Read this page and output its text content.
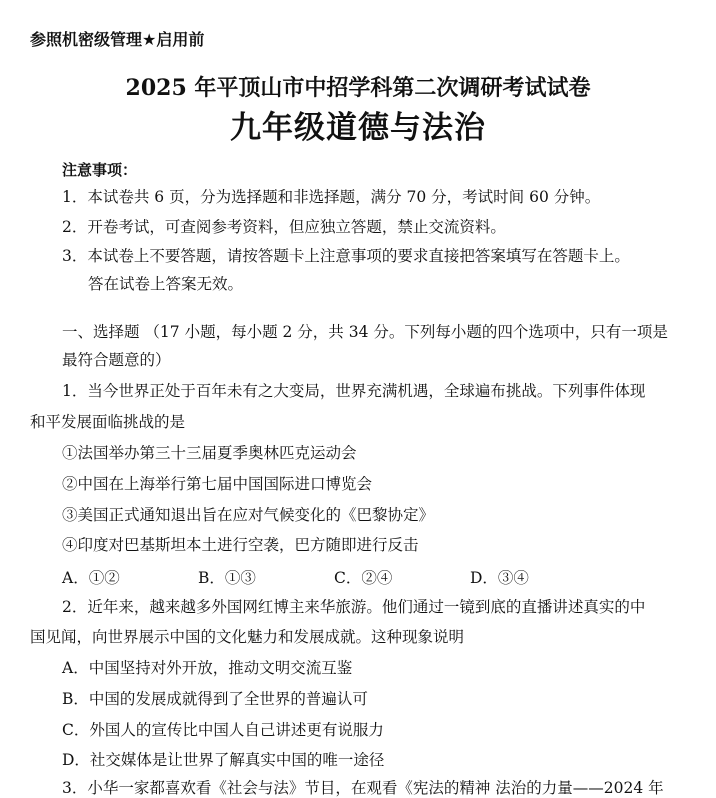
参照机密级管理★启用前
2025 年平顶山市中招学科第二次调研考试试卷
九年级道德与法治
注意事项：
1．本试卷共 6 页，分为选择题和非选择题，满分 70 分，考试时间 60 分钟。
2．开卷考试，可查阅参考资料，但应独立答题，禁止交流资料。
3．本试卷上不要答题，请按答题卡上注意事项的要求直接把答案填写在答题卡上。
答在试卷上答案无效。
一、选择题 （17 小题，每小题 2 分，共 34 分。下列每小题的四个选项中，只有一项是
最符合题意的）
1．当今世界正处于百年未有之大变局，世界充满机遇，全球遍布挑战。下列事件体现
和平发展面临挑战的是
①法国举办第三十三届夏季奥林匹克运动会
②中国在上海举行第七届中国国际进口博览会
③美国正式通知退出旨在应对气候变化的《巴黎协定》
④印度对巴基斯坦本土进行空袭，巴方随即进行反击
A．①②	B．①③	C．②④	D．③④
2．近年来，越来越多外国网红博主来华旅游。他们通过一镜到底的直播讲述真实的中
国见闻，向世界展示中国的文化魅力和发展成就。这种现象说明
A．中国坚持对外开放，推动文明交流互鉴
B．中国的发展成就得到了全世界的普遍认可
C．外国人的宣传比中国人自己讲述更有说服力
D．社交媒体是让世界了解真实中国的唯一途径
3．小华一家都喜欢看《社会与法》节目，在观看《宪法的精神 法治的力量——2024 年
